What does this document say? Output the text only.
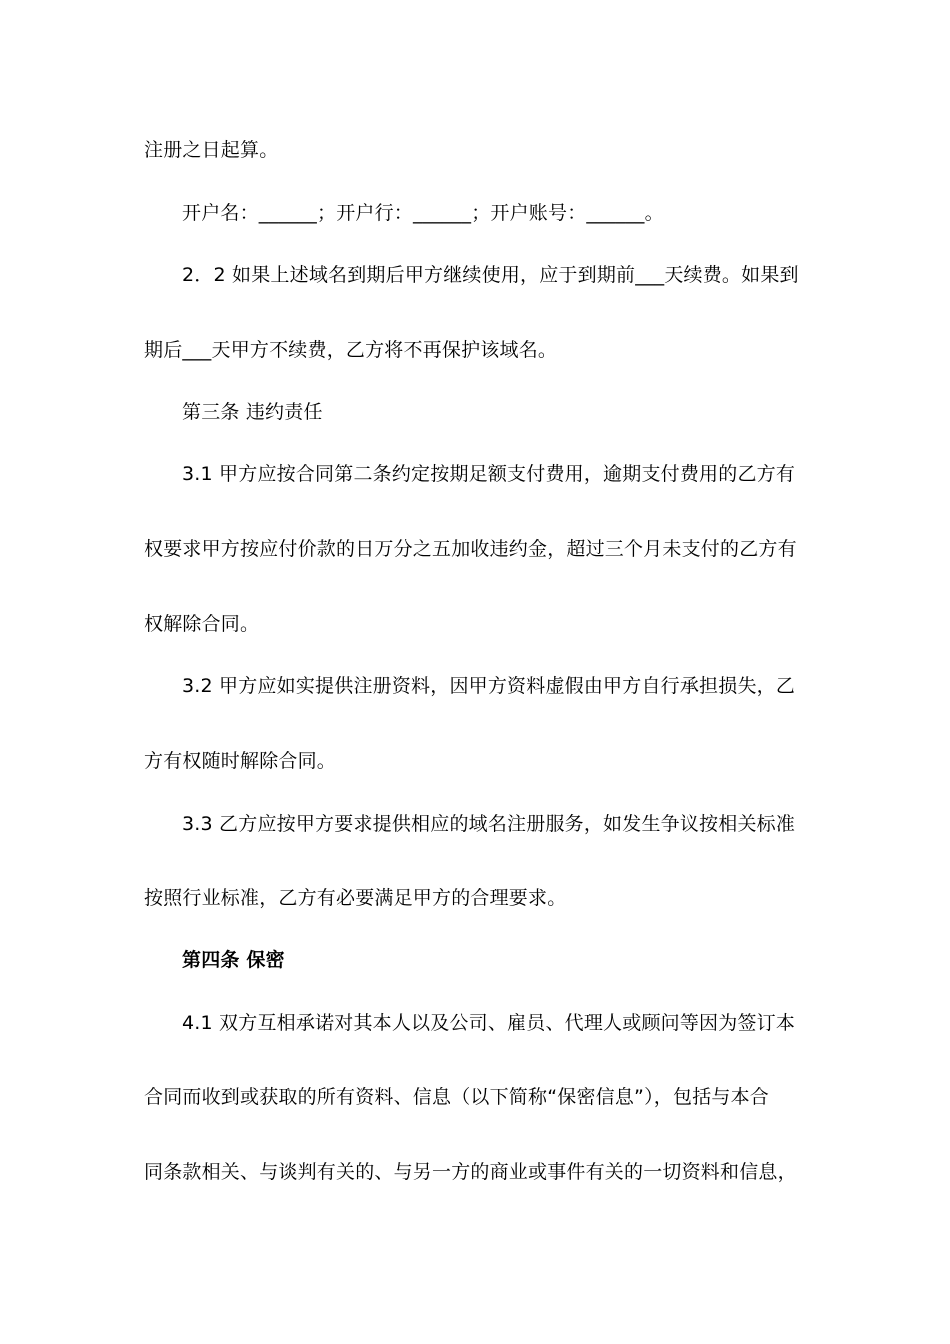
注册之日起算。
开户名：______；开户行：______；开户账号：______。
2．2 如果上述域名到期后甲方继续使用，应于到期前___天续费。如果到
期后___天甲方不续费，乙方将不再保护该域名。
第三条 违约责任
3.1 甲方应按合同第二条约定按期足额支付费用，逾期支付费用的乙方有
权要求甲方按应付价款的日万分之五加收违约金，超过三个月未支付的乙方有
权解除合同。
3.2 甲方应如实提供注册资料，因甲方资料虚假由甲方自行承担损失，乙
方有权随时解除合同。
3.3 乙方应按甲方要求提供相应的域名注册服务，如发生争议按相关标准
按照行业标准，乙方有必要满足甲方的合理要求。
第四条 保密
4.1 双方互相承诺对其本人以及公司、雇员、代理人或顾问等因为签订本
合同而收到或获取的所有资料、信息（以下简称“保密信息”），包括与本合
同条款相关、与谈判有关的、与另一方的商业或事件有关的一切资料和信息，
